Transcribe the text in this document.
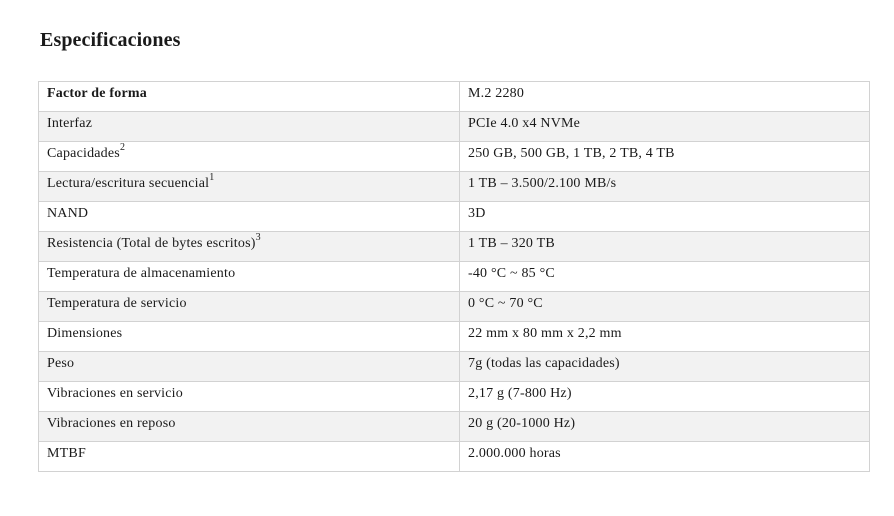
Especificaciones
Factor de forma	M.2 2280
Interfaz	PCIe 4.0 x4 NVMe
Capacidades$^2$	250 GB, 500 GB, 1 TB, 2 TB, 4 TB
Lectura/escritura secuencial$^1$	1 TB – 3.500/2.100 MB/s
NAND	3D
Resistencia (Total de bytes escritos)$^3$	1 TB – 320 TB
Temperatura de almacenamiento	-40 °C ~ 85 °C
Temperatura de servicio	0 °C ~ 70 °C
Dimensiones	22 mm x 80 mm x 2,2 mm
Peso	7g (todas las capacidades)
Vibraciones en servicio	2,17 g (7-800 Hz)
Vibraciones en reposo	20 g (20-1000 Hz)
MTBF	2.000.000 horas
